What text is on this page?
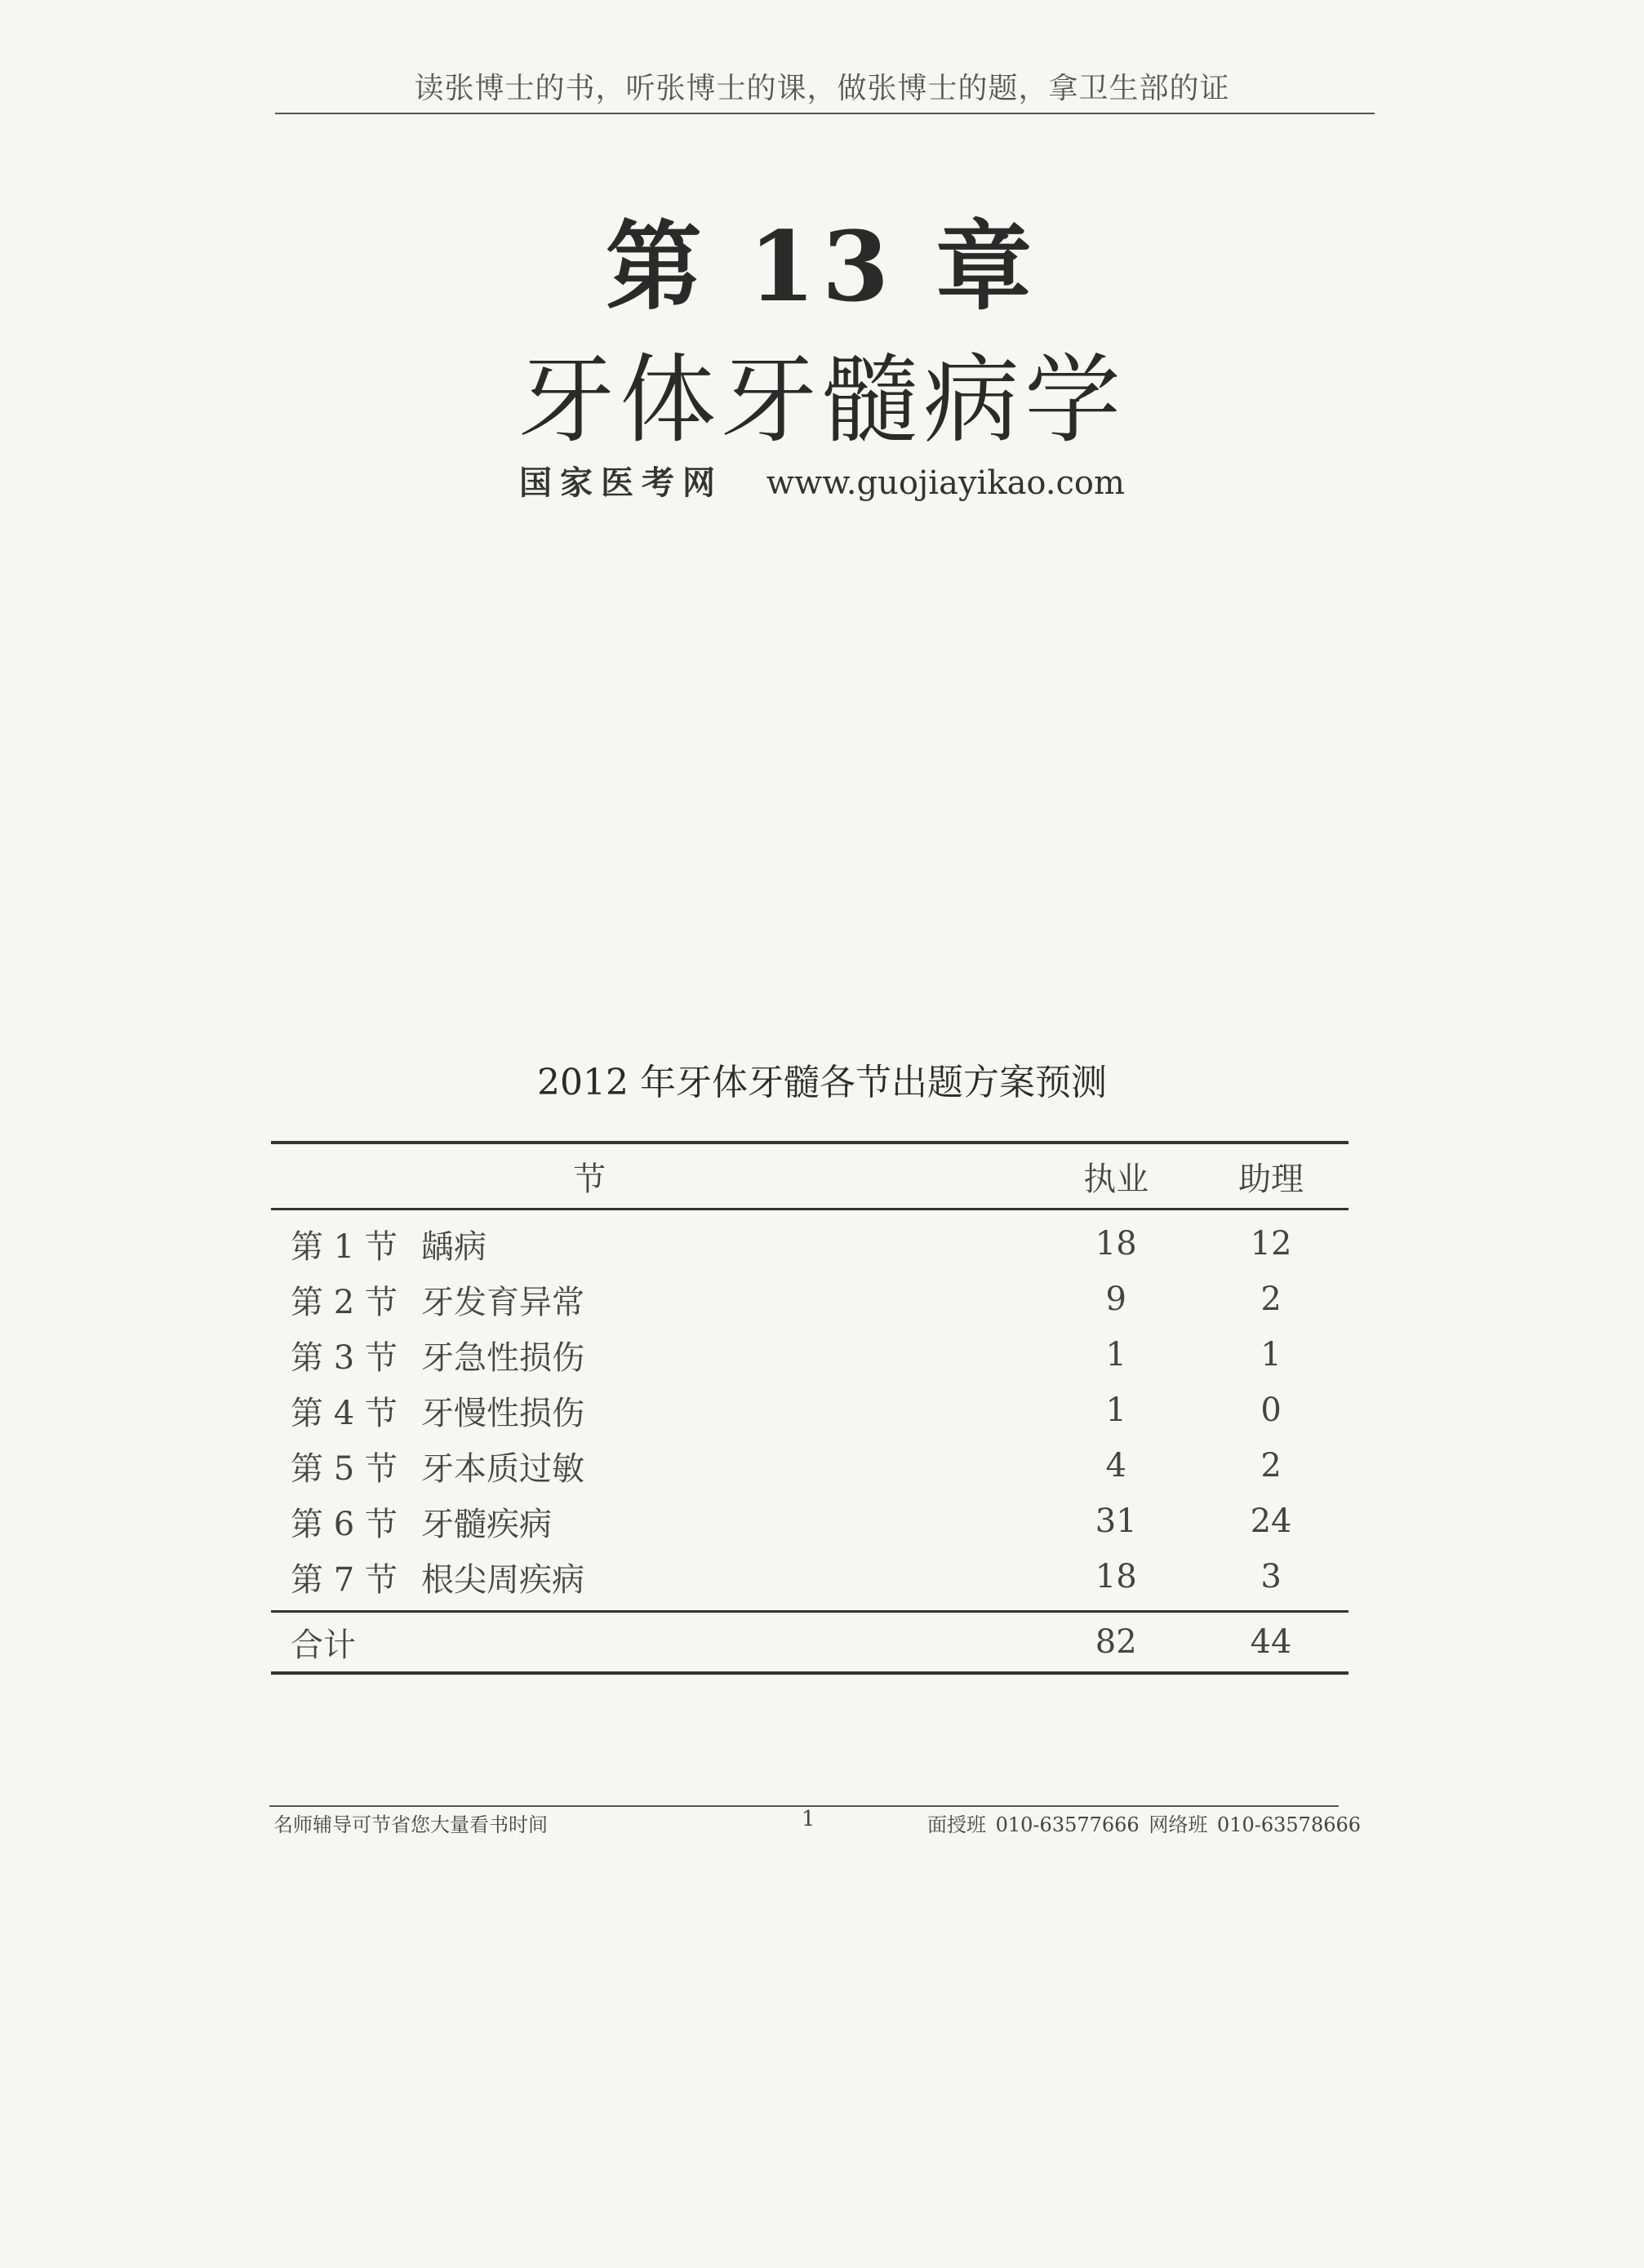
读张博士的书，听张博士的课，做张博士的题，拿卫生部的证
第 13 章
牙体牙髓病学
国家医考网 www.guojiayikao.com
2012 年牙体牙髓各节出题方案预测
节	执业	助理
第 1 节 龋病	18	12
第 2 节 牙发育异常	9	2
第 3 节 牙急性损伤	1	1
第 4 节 牙慢性损伤	1	0
第 5 节 牙本质过敏	4	2
第 6 节 牙髓疾病	31	24
第 7 节 根尖周疾病	18	3
合计	82	44
名师辅导可节省您大量看书时间	1	面授班 010-63577666 网络班 010-63578666
